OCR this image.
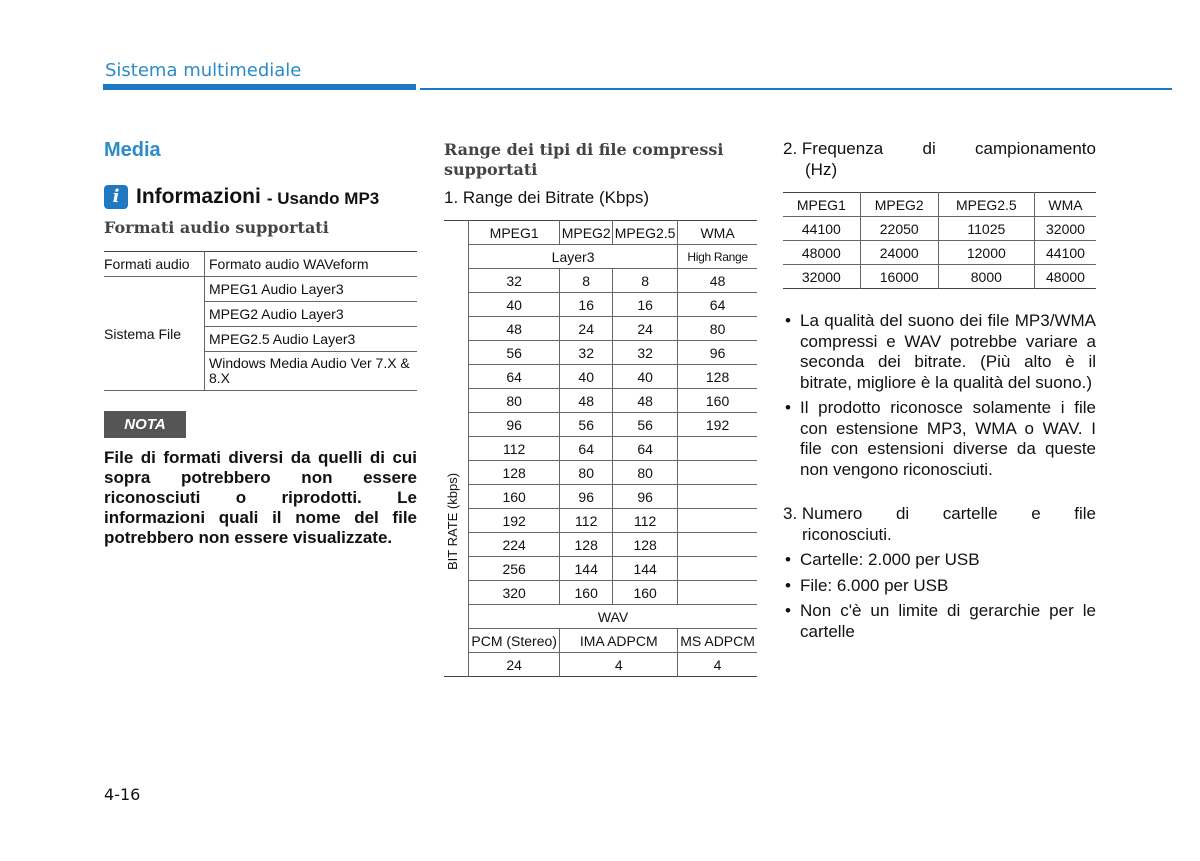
Sistema multimediale
Media
i Informazioni - Usando MP3
Formati audio supportati
Formati audio	Formato audio WAVeform
Sistema File	MPEG1 Audio Layer3
	MPEG2 Audio Layer3
	MPEG2.5 Audio Layer3
	Windows Media Audio Ver 7.X & 8.X
NOTA
File di formati diversi da quelli di cui sopra potrebbero non essere riconosciuti o riprodotti. Le informazioni quali il nome del file potrebbero non essere visualizzate.
Range dei tipi di file compressi supportati
1. Range dei Bitrate (Kbps)
	MPEG1	MPEG2	MPEG2.5	WMA
	Layer3			High Range
	32	8	8	48
	40	16	16	64
	48	24	24	80
	56	32	32	96
	64	40	40	128
	80	48	48	160
	96	56	56	192
	112	64	64	
	128	80	80	
	160	96	96	
	192	112	112	
	224	128	128	
	256	144	144	
	320	160	160	
	WAV			
	PCM (Stereo)	IMA ADPCM		MS ADPCM
	24	4		4
BIT RATE (kbps)
2. Frequenza di campionamento
(Hz)
MPEG1	MPEG2	MPEG2.5	WMA
44100	22050	11025	32000
48000	24000	12000	44100
32000	16000	8000	48000
• La qualità del suono dei file MP3/WMA compressi e WAV potrebbe variare a seconda dei bitrate. (Più alto è il bitrate, migliore è la qualità del suono.)
• Il prodotto riconosce solamente i file con estensione MP3, WMA o WAV. I file con estensioni diverse da queste non vengono riconosciuti.
3. Numero di cartelle e file
riconosciuti.
• Cartelle: 2.000 per USB
• File: 6.000 per USB
• Non c'è un limite di gerarchie per le cartelle
4-16
